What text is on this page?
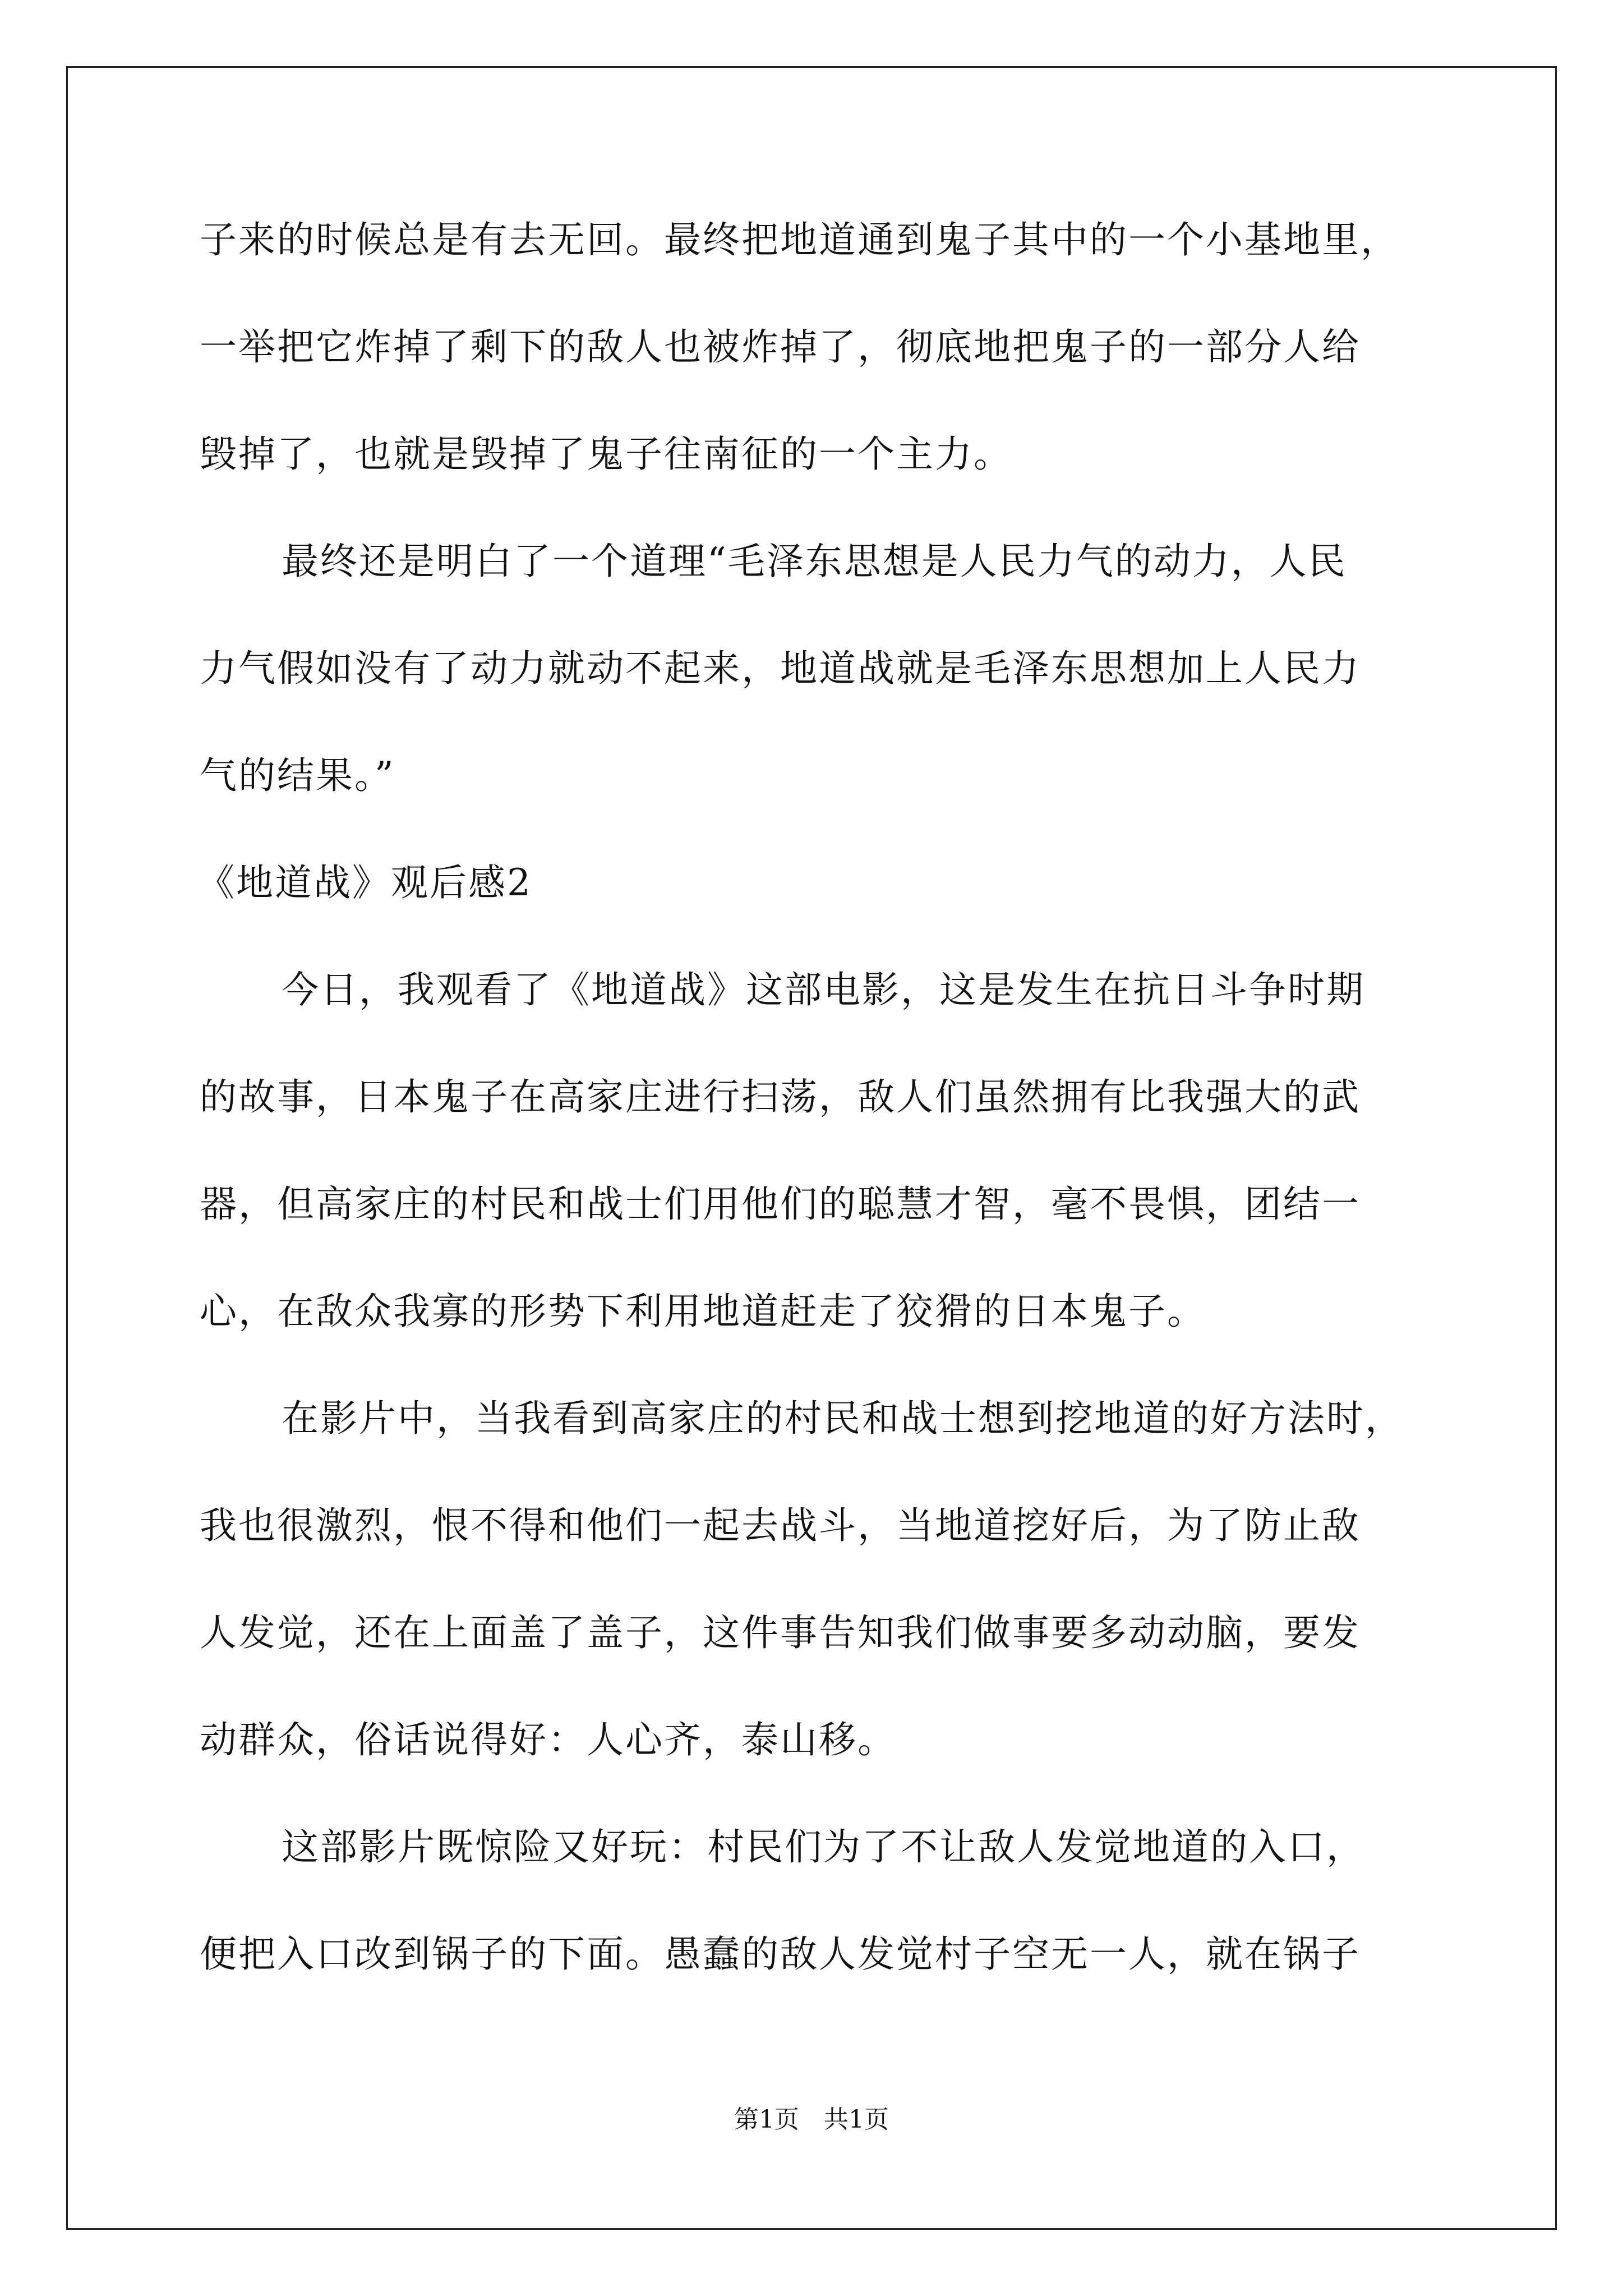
子来的时候总是有去无回。最终把地道通到鬼子其中的一个小基地里，
一举把它炸掉了剩下的敌人也被炸掉了，彻底地把鬼子的一部分人给
毁掉了，也就是毁掉了鬼子往南征的一个主力。
最终还是明白了一个道理“毛泽东思想是人民力气的动力，人民
力气假如没有了动力就动不起来，地道战就是毛泽东思想加上人民力
气的结果。”
《地道战》观后感2
今日，我观看了《地道战》这部电影，这是发生在抗日斗争时期
的故事，日本鬼子在高家庄进行扫荡，敌人们虽然拥有比我强大的武
器，但高家庄的村民和战士们用他们的聪慧才智，毫不畏惧，团结一
心，在敌众我寡的形势下利用地道赶走了狡猾的日本鬼子。
在影片中，当我看到高家庄的村民和战士想到挖地道的好方法时，
我也很激烈，恨不得和他们一起去战斗，当地道挖好后，为了防止敌
人发觉，还在上面盖了盖子，这件事告知我们做事要多动动脑，要发
动群众，俗话说得好：人心齐，泰山移。
这部影片既惊险又好玩：村民们为了不让敌人发觉地道的入口，
便把入口改到锅子的下面。愚蠢的敌人发觉村子空无一人，就在锅子
第1页　共1页
